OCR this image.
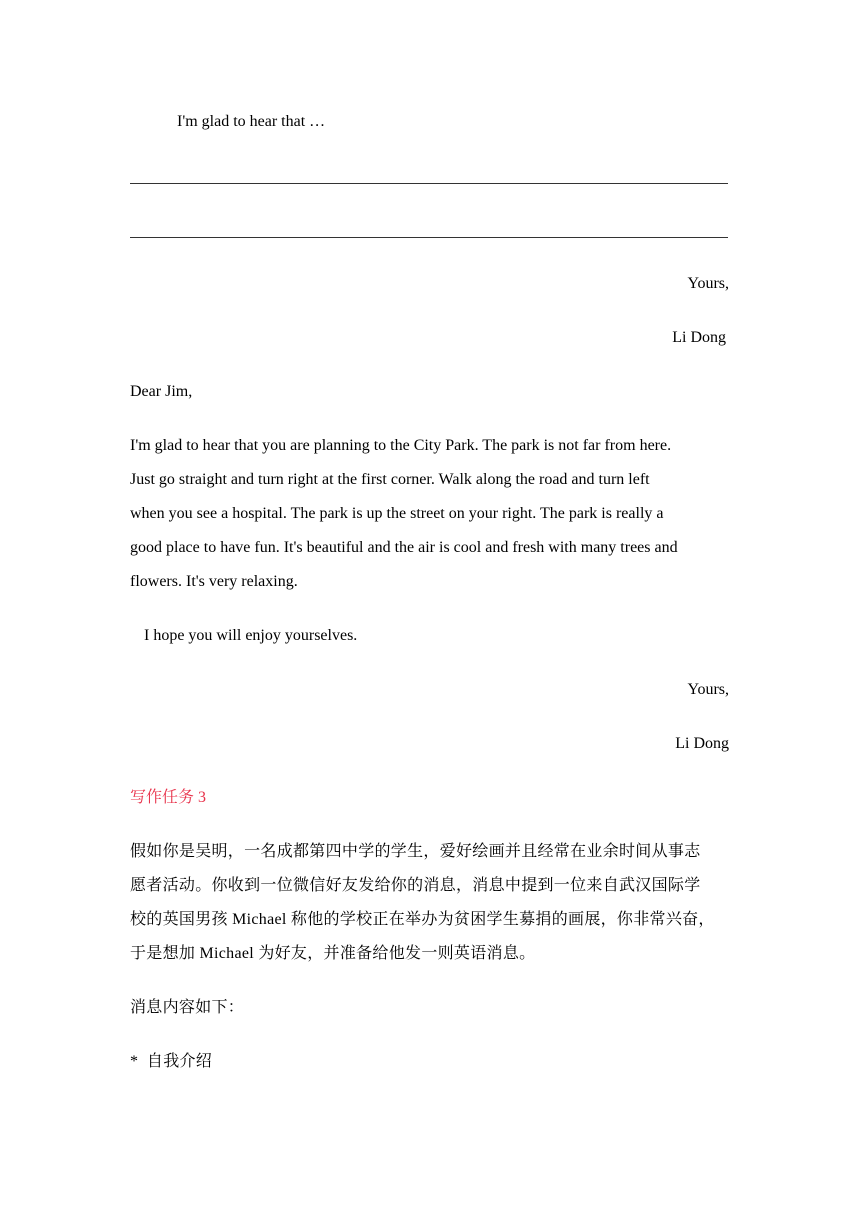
I'm glad to hear that …
Yours,
Li Dong
Dear Jim,
I'm glad to hear that you are planning to the City Park. The park is not far from here.
Just go straight and turn right at the first corner. Walk along the road and turn left
when you see a hospital. The park is up the street on your right. The park is really a
good place to have fun. It's beautiful and the air is cool and fresh with many trees and
flowers. It's very relaxing.
I hope you will enjoy yourselves.
Yours,
Li Dong
写作任务 3
假如你是吴明，一名成都第四中学的学生，爱好绘画并且经常在业余时间从事志
愿者活动。你收到一位微信好友发给你的消息，消息中提到一位来自武汉国际学
校的英国男孩 Michael 称他的学校正在举办为贫困学生募捐的画展，你非常兴奋，
于是想加 Michael 为好友，并准备给他发一则英语消息。
消息内容如下：
*  自我介绍
